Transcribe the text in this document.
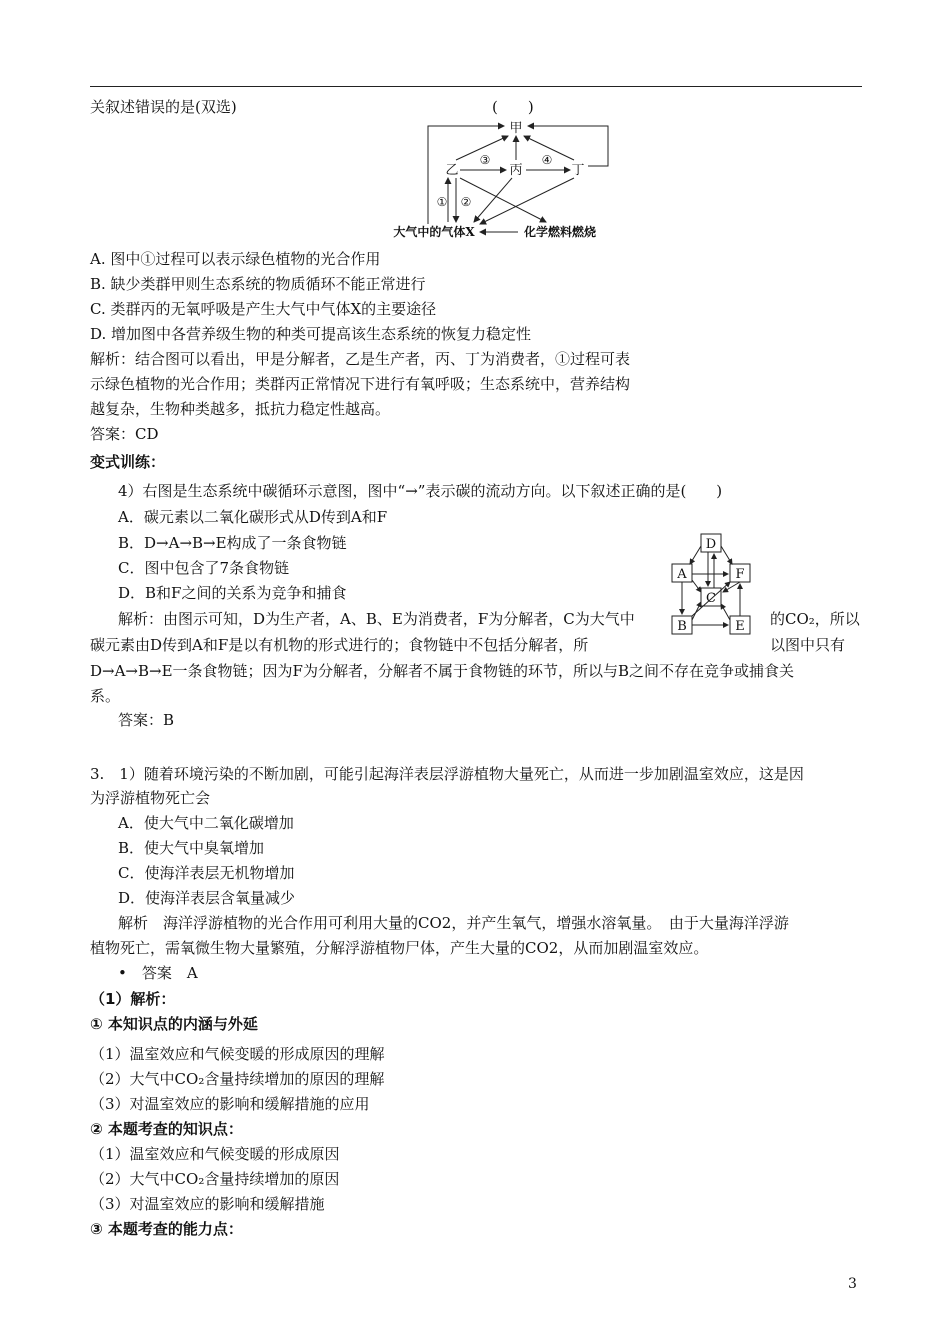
关叙述错误的是(双选)	(　　)
甲
乙	丙	丁
① ②
③	④
大气中的气体X	化学燃料燃烧
A. 图中①过程可以表示绿色植物的光合作用
B. 缺少类群甲则生态系统的物质循环不能正常进行
C. 类群丙的无氧呼吸是产生大气中气体X的主要途径
D. 增加图中各营养级生物的种类可提高该生态系统的恢复力稳定性
解析：结合图可以看出，甲是分解者，乙是生产者，丙、丁为消费者，①过程可表
示绿色植物的光合作用；类群丙正常情况下进行有氧呼吸；生态系统中，营养结构
越复杂，生物种类越多，抵抗力稳定性越高。
答案：CD
变式训练：
4）右图是生态系统中碳循环示意图，图中“→”表示碳的流动方向。以下叙述正确的是(　　)
A．碳元素以二氧化碳形式从D传到A和F
B．D→A→B→E构成了一条食物链
C．图中包含了7条食物链
D．B和F之间的关系为竞争和捕食
解析：由图示可知，D为生产者，A、B、E为消费者，F为分解者，C为大气中	的CO₂，所以
碳元素由D传到A和F是以有机物的形式进行的；食物链中不包括分解者，所	以图中只有
D→A→B→E一条食物链；因为F为分解者，分解者不属于食物链的环节，所以与B之间不存在竞争或捕食关
系。
答案：B
D
A	F
C
B	E
3.　1）随着环境污染的不断加剧，可能引起海洋表层浮游植物大量死亡，从而进一步加剧温室效应，这是因
为浮游植物死亡会
A．使大气中二氧化碳增加
B．使大气中臭氧增加
C．使海洋表层无机物增加
D．使海洋表层含氧量减少
解析　海洋浮游植物的光合作用可利用大量的CO2，并产生氧气，增强水溶氧量。　由于大量海洋浮游
植物死亡，需氧微生物大量繁殖，分解浮游植物尸体，产生大量的CO2，从而加剧温室效应。
•　答案　A
（1）解析：
① 本知识点的内涵与外延
（1）温室效应和气候变暖的形成原因的理解
（2）大气中CO₂含量持续增加的原因的理解
（3）对温室效应的影响和缓解措施的应用
② 本题考查的知识点：
（1）温室效应和气候变暖的形成原因
（2）大气中CO₂含量持续增加的原因
（3）对温室效应的影响和缓解措施
③ 本题考查的能力点：
3
